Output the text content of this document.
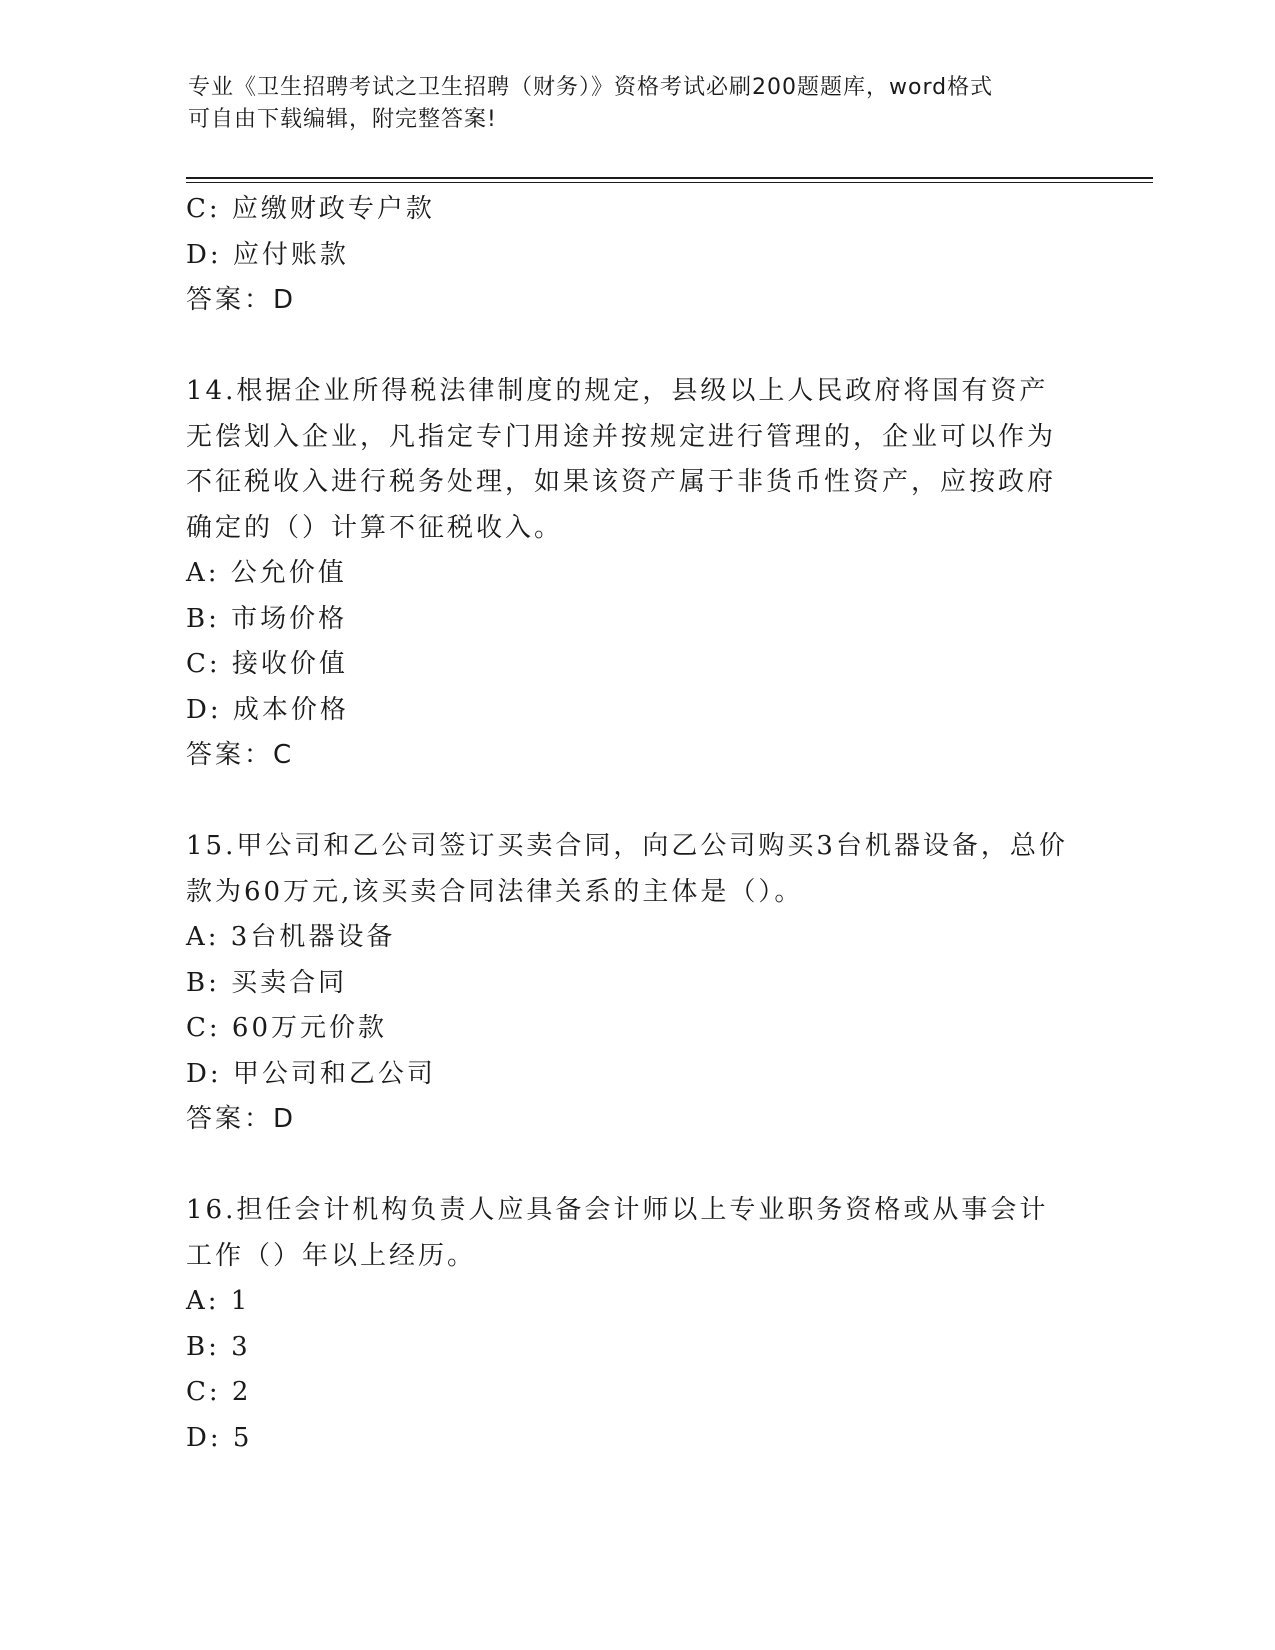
专业《卫生招聘考试之卫生招聘（财务）》资格考试必刷200题题库，word格式
可自由下载编辑，附完整答案!
C: 应缴财政专户款
D: 应付账款
答案：D
14.根据企业所得税法律制度的规定，县级以上人民政府将国有资产无偿划入企业，凡指定专门用途并按规定进行管理的，企业可以作为不征税收入进行税务处理，如果该资产属于非货币性资产，应按政府确定的（）计算不征税收入。
A: 公允价值
B: 市场价格
C: 接收价值
D: 成本价格
答案：C
15.甲公司和乙公司签订买卖合同，向乙公司购买3台机器设备，总价款为60万元,该买卖合同法律关系的主体是（）。
A: 3台机器设备
B: 买卖合同
C: 60万元价款
D: 甲公司和乙公司
答案：D
16.担任会计机构负责人应具备会计师以上专业职务资格或从事会计工作（）年以上经历。
A: 1
B: 3
C: 2
D: 5
